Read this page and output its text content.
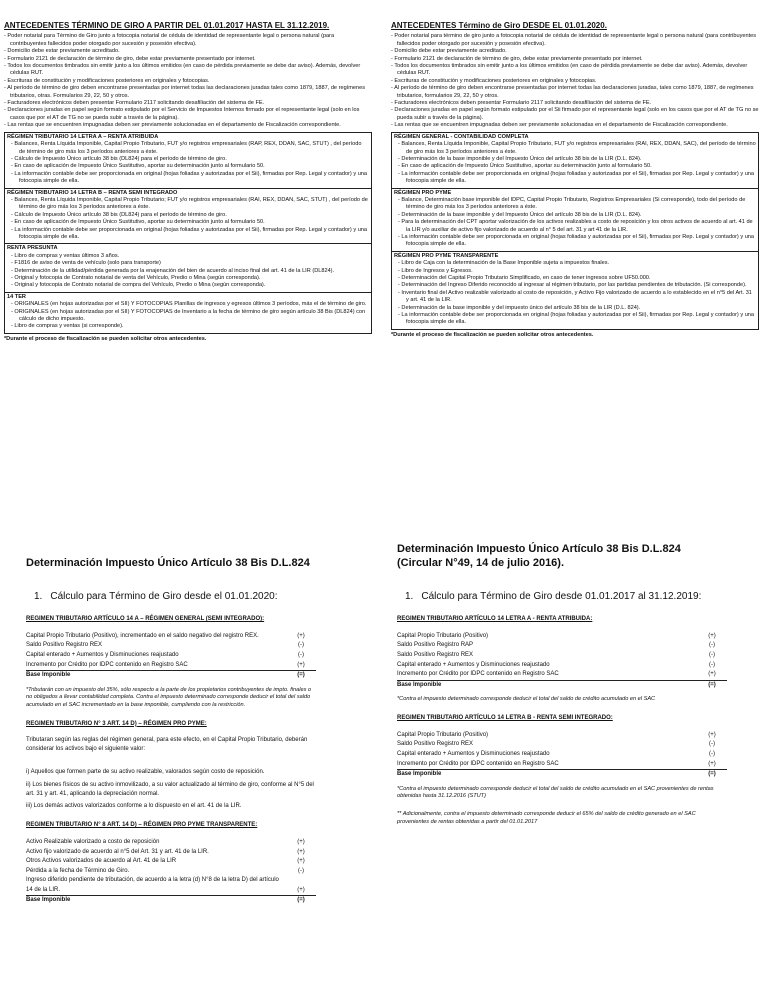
ANTECEDENTES TÉRMINO DE GIRO A PARTIR DEL 01.01.2017 HASTA EL 31.12.2019.

- Poder notarial para Término de Giro junto a fotocopia notarial de cédula de identidad de representante legal o persona natural (para contribuyentes fallecidos poder otorgado por sucesión y posesión efectiva).

- Domicilio debe estar previamente acreditado.

- Formulario 2121 de declaración de término de giro, debe estar previamente presentado por internet.

- Todos los documentos timbrados sin emitir junto a los últimos emitidos (en caso de pérdida previamente se debe dar aviso). Además, devolver cédulas RUT.

- Escrituras de constitución y modificaciones posteriores en originales y fotocopias.

- Al período de término de giro deben encontrarse presentadas por internet todas las declaraciones juradas tales como 1879, 1887, de regímenes tributarios, otras. Formularios 29, 22, 50 y otros.

- Facturadores electrónicos deben presentar Formulario 2117 solicitando desafiliación del sistema de FE.

- Declaraciones juradas en papel según formato estipulado por el Servicio de Impuestos Internos firmado por el representante legal (solo en los casos que por el AT de TG no se pueda subir a través de la página).

- Las rentas que se encuentren impugnadas deben ser previamente solucionadas en el departamento de Fiscalización correspondiente.

RÉGIMEN TRIBUTARIO 14 LETRA A – RENTA ATRIBUIDA

- Balances, Renta Líquida Imponible, Capital Propio Tributario, FUT y/o registros empresariales (RAP, REX, DDAN, SAC, STUT) , del período de término de giro más los 3 períodos anteriores a éste.

- Cálculo de Impuesto Único artículo 38 bis (DL824) para el período de término de giro.

- En caso de aplicación de Impuesto Único Sustitutivo, aportar su determinación junto al formulario 50.

- La información contable debe ser proporcionada en original (hojas foliadas y autorizadas por el Sii), firmadas por Rep. Legal y contador) y una fotocopia simple de ella.

RÉGIMEN TRIBUTARIO 14 LETRA B – RENTA SEMI INTEGRADO

- Balances, Renta Líquida Imponible, Capital Propio Tributario; FUT y/o registros empresariales (RAI, REX, DDAN, SAC, STUT) , del período de término de giro más los 3 períodos anteriores a éste.

- Cálculo de Impuesto Único artículo 38 bis (DL824) para el período de término de giro.

- En caso de aplicación de Impuesto Único Sustitutivo, aportar su determinación junto al formulario 50.

- La información contable debe ser proporcionada en original (hojas foliadas y autorizadas por el Sii), firmadas por Rep. Legal y contador) y una fotocopia simple de ella.

RENTA PRESUNTA

- Libro de compras y ventas últimos 3 años.

- F1816 de aviso de venta de vehículo (solo para transporte)

- Determinación de la utilidad/pérdida generada por la enajenación del bien de acuerdo al inciso final del art. 41 de la LIR (DL824).

- Original y fotocopia de Contrato notarial de venta del Vehículo, Predio o Mina (según corresponda).

- Original y fotocopia de Contrato notarial de compra del Vehículo, Predio o Mina (según corresponda).

14 TER

- ORIGINALES (en hojas autorizadas por el SII) Y FOTOCOPIAS Planillas de ingresos y egresos últimos 3 períodos, más el de término de giro.

- ORIGINALES (en hojas autorizadas por el SII) Y FOTOCOPIAS de Inventario a la fecha de término de giro según artículo 38 Bis (DL824) con cálculo de dicho impuesto.

- Libro de compras y ventas (si corresponde).

*Durante el proceso de fiscalización se pueden solicitar otros antecedentes.
ANTECEDENTES Término de Giro DESDE EL 01.01.2020.

- Poder notarial para término de giro junto a fotocopia notarial de cédula de identidad de representante legal o persona natural (para contribuyentes fallecidos poder otorgado por sucesión y posesión efectiva).

- Domicilio debe estar previamente acreditado.

- Formulario 2121 de declaración de término de giro, debe estar previamente presentado por internet.

- Todos los documentos timbrados sin emitir junto a los últimos emitidos (en caso de pérdida previamente se debe dar aviso). Además, devolver cédulas RUT.

- Escrituras de constitución y modificaciones posteriores en originales y fotocopias.

- Al período de término de giro deben encontrarse presentadas por internet todas las declaraciones juradas, tales como 1879, 1887, de regímenes tributarios, formularios 29, 22, 50 y otros.

- Facturadores electrónicos deben presentar Formulario 2117 solicitando desafiliación del sistema de FE.

- Declaraciones juradas en papel según formato estipulado por el Sii firmado por el representante legal (solo en los casos que por el AT de TG no se pueda subir a través de la página).

- Las rentas que se encuentren impugnadas deben ser previamente solucionadas en el departamento de Fiscalización correspondiente.

RÉGIMEN GENERAL - CONTABILIDAD COMPLETA

- Balances, Renta Líquida Imponible, Capital Propio Tributario, FUT y/o registros empresariales (RAI, REX, DDAN, SAC), del período de término de giro más los 3 períodos anteriores a éste.

- Determinación de la base imponible y del Impuesto Único del artículo 38 bis de la LIR (D.L. 824).

- En caso de aplicación de Impuesto Único Sustitutivo, aportar su determinación junto al formulario 50.

- La información contable debe ser proporcionada en original (hojas foliadas y autorizadas por el Sii), firmadas por Rep. Legal y contador) y una fotocopia simple de ella.

RÉGIMEN PRO PYME

- Balance, Determinación base imponible del IDPC, Capital Propio Tributario, Registros Empresariales (Si corresponde), todo del período de término de giro más los 3 períodos anteriores a éste.

- Determinación de la base imponible y del Impuesto Único del artículo 38 bis de la LIR (D.L. 824).

- Para la determinación del CPT aportar valorización de los activos realizables a costo de reposición y los otros activos de acuerdo al art. 41 de la LIR y/o auxiliar de activo fijo valorizado de acuerdo al n° 5 del art. 31 y art 41 de la LIR.

- La información contable debe ser proporcionada en original (hojas foliadas y autorizadas por el Sii), firmadas por Rep. Legal y contador) y una fotocopia simple de ella.

RÉGIMEN PRO PYME TRANSPARENTE

- Libro de Caja con la determinación de la Base Imponible sujeta a impuestos finales.

- Libro de Ingresos y Egresos.

- Determinación del Capital Propio Tributario Simplificado, en caso de tener ingresos sobre UF50.000.

- Determinación del Ingreso Diferido reconocido al ingresar al régimen tributario, por las partidas pendientes de tributación. (Si corresponde).

- Inventario final del Activo realizable valorizado al costo de reposición, y Activo Fijo valorizado de acuerdo a lo establecido en el n°5 del Art. 31 y art. 41 de la LIR.

- Determinación de la base imponible y del impuesto único del artículo 38 bis de la LIR (D.L. 824).

- La información contable debe ser proporcionada en original (hojas foliadas y autorizadas por el Sii), firmadas por Rep. Legal y contador) y una fotocopia simple de ella.

*Durante el proceso de fiscalización se pueden solicitar otros antecedentes.

Determinación Impuesto Único Artículo 38 Bis D.L.824

1. Cálculo para Término de Giro desde el 01.01.2020:
REGIMEN TRIBUTARIO ARTÍCULO 14 A – RÉGIMEN GENERAL (SEMI INTEGRADO):
Capital Propio Tributario (Positivo), incrementado en el saldo negativo del registro REX.	(+)
Saldo Positivo Registro REX	(-)
Capital enterado + Aumentos y Disminuciones reajustado	(-)
Incremento por Crédito por IDPC contenido en Registro SAC	(+)
Base Imponible	(=)
*Tributarán con un impuesto del 35%, sólo respecto a la parte de los propietarios contribuyentes de impto. finales o no obligados a llevar contabilidad completa. Contra el impuesto determinado corresponde deducir el total del saldo acumulado en el SAC incrementado en la base imponible, cumpliendo con la restricción.
REGIMEN TRIBUTARIO N° 3 ART. 14 D) – RÉGIMEN PRO PYME:
Tributaran según las reglas del régimen general, para este efecto, en el Capital Propio Tributario, deberán considerar los activos bajo el siguiente valor:
i) Aquellos que formen parte de su activo realizable, valorados según costo de reposición.
ii) Los bienes físicos de su activo inmovilizado, a su valor actualizado al término de giro, conforme al N°5 del art. 31 y art. 41, aplicando la depreciación normal.
iii) Los demás activos valorizados conforme a lo dispuesto en el art. 41 de la LIR.
REGIMEN TRIBUTARIO N° 8 ART. 14 D) – RÉGIMEN PRO PYME TRANSPARENTE:
Activo Realizable valorizado a costo de reposición	(+)
Activo fijo valorizado de acuerdo al n°5 del Art. 31 y art. 41 de la LIR.	(+)
Otros Activos valorizados de acuerdo al Art. 41 de la LIR	(+)
Pérdida a la fecha de Término de Giro.	(-)
Ingreso diferido pendiente de tributación, de acuerdo a la letra (d) N°8 de la letra D) del artículo 14 de la LIR.	(+)
Base Imponible	(=)

Determinación Impuesto Único Artículo 38 Bis D.L.824 (Circular N°49, 14 de julio 2016).

1. Cálculo para Término de Giro desde 01.01.2017 al 31.12.2019:
REGIMEN TRIBUTARIO ARTÍCULO 14 LETRA A - RENTA ATRIBUIDA:
Capital Propio Tributario (Positivo)	(+)
Saldo Positivo Registro RAP	(-)
Saldo Positivo Registro REX	(-)
Capital enterado + Aumentos y Disminuciones reajustado	(-)
Incremento por Crédito por IDPC contenido en Registro SAC	(+)
Base Imponible	(=)
*Contra el impuesto determinado corresponde deducir el total del saldo de crédito acumulado en el SAC
REGIMEN TRIBUTARIO ARTÍCULO 14 LETRA B - RENTA SEMI INTEGRADO:
Capital Propio Tributario (Positivo)	(+)
Saldo Positivo Registro REX	(-)
Capital enterado + Aumentos y Disminuciones reajustado	(-)
Incremento por Crédito por IDPC contenido en Registro SAC	(+)
Base Imponible	(=)
*Contra el impuesto determinado corresponde deducir el total del saldo de crédito acumulado en el SAC provenientes de rentas obtenidas hasta 31.12.2016 (STUT)
** Adicionalmente, contra el impuesto determinado corresponde deducir el 65% del saldo de crédito generado en el SAC provenientes de rentas obtenidas a partir del 01.01.2017
